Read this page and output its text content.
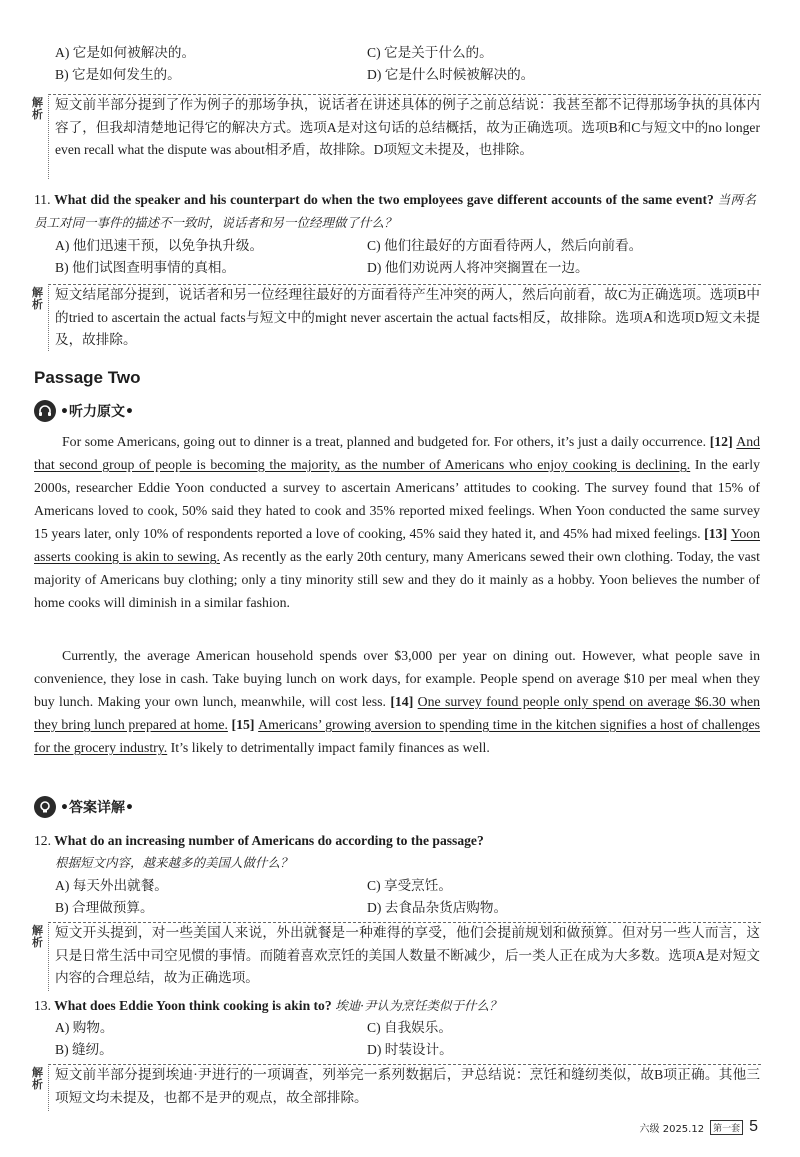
A) 它是如何被解决的。	C) 它是关于什么的。
B) 它是如何发生的。	D) 它是什么时候被解决的。
解析
短文前半部分提到了作为例子的那场争执，说话者在讲述具体的例子之前总结说：我甚至都不记得那场争执的具体内容了，但我却清楚地记得它的解决方式。选项A是对这句话的总结概括，故为正确选项。选项B和C与短文中的no longer even recall what the dispute was about相矛盾，故排除。D项短文未提及，也排除。
11. What did the speaker and his counterpart do when the two employees gave different accounts of the same event? 当两名员工对同一事件的描述不一致时，说话者和另一位经理做了什么？
A) 他们迅速干预，以免争执升级。	C) 他们往最好的方面看待两人，然后向前看。
B) 他们试图查明事情的真相。	D) 他们劝说两人将冲突搁置在一边。
解析
短文结尾部分提到，说话者和另一位经理往最好的方面看待产生冲突的两人，然后向前看，故C为正确选项。选项B中的tried to ascertain the actual facts与短文中的might never ascertain the actual facts相反，故排除。选项A和选项D短文未提及，故排除。
Passage Two
•听力原文•
For some Americans, going out to dinner is a treat, planned and budgeted for. For others, it’s just a daily occurrence. [12] And that second group of people is becoming the majority, as the number of Americans who enjoy cooking is declining. In the early 2000s, researcher Eddie Yoon conducted a survey to ascertain Americans’ attitudes to cooking. The survey found that 15% of Americans loved to cook, 50% said they hated to cook and 35% reported mixed feelings. When Yoon conducted the same survey 15 years later, only 10% of respondents reported a love of cooking, 45% said they hated it, and 45% had mixed feelings. [13] Yoon asserts cooking is akin to sewing. As recently as the early 20th century, many Americans sewed their own clothing. Today, the vast majority of Americans buy clothing; only a tiny minority still sew and they do it mainly as a hobby. Yoon believes the number of home cooks will diminish in a similar fashion.
Currently, the average American household spends over $3,000 per year on dining out. However, what people save in convenience, they lose in cash. Take buying lunch on work days, for example. People spend on average $10 per meal when they buy lunch. Making your own lunch, meanwhile, will cost less. [14] One survey found people only spend on average $6.30 when they bring lunch prepared at home. [15] Americans’ growing aversion to spending time in the kitchen signifies a host of challenges for the grocery industry. It’s likely to detrimentally impact family finances as well.
•答案详解•
12. What do an increasing number of Americans do according to the passage?
根据短文内容，越来越多的美国人做什么？
A) 每天外出就餐。	C) 享受烹饪。
B) 合理做预算。	D) 去食品杂货店购物。
解析
短文开头提到，对一些美国人来说，外出就餐是一种难得的享受，他们会提前规划和做预算。但对另一些人而言，这只是日常生活中司空见惯的事情。而随着喜欢烹饪的美国人数量不断减少，后一类人正在成为大多数。选项A是对短文内容的合理总结，故为正确选项。
13. What does Eddie Yoon think cooking is akin to? 埃迪·尹认为烹饪类似于什么？
A) 购物。	C) 自我娱乐。
B) 缝纫。	D) 时装设计。
解析
短文前半部分提到埃迪·尹进行的一项调查，列举完一系列数据后，尹总结说：烹饪和缝纫类似，故B项正确。其他三项短文均未提及，也都不是尹的观点，故全部排除。
六级 2025.12	第一套 5
